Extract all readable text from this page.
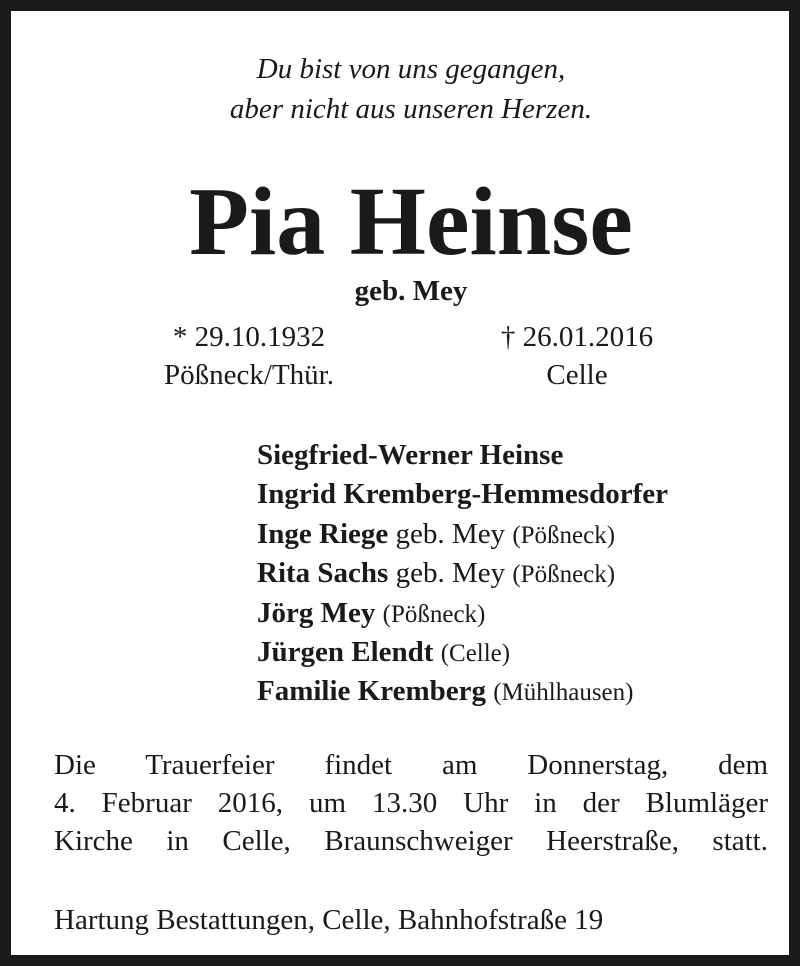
Du bist von uns gegangen,
aber nicht aus unseren Herzen.
Pia Heinse
geb. Mey
* 29.10.1932
Pößneck/Thür.
† 26.01.2016
Celle
Siegfried-Werner Heinse
Ingrid Kremberg-Hemmesdorfer
Inge Riege geb. Mey (Pößneck)
Rita Sachs geb. Mey (Pößneck)
Jörg Mey (Pößneck)
Jürgen Elendt (Celle)
Familie Kremberg (Mühlhausen)
Die Trauerfeier findet am Donnerstag, dem
4. Februar 2016, um 13.30 Uhr in der Blumläger
Kirche in Celle, Braunschweiger Heerstraße, statt.
Hartung Bestattungen, Celle, Bahnhofstraße 19
